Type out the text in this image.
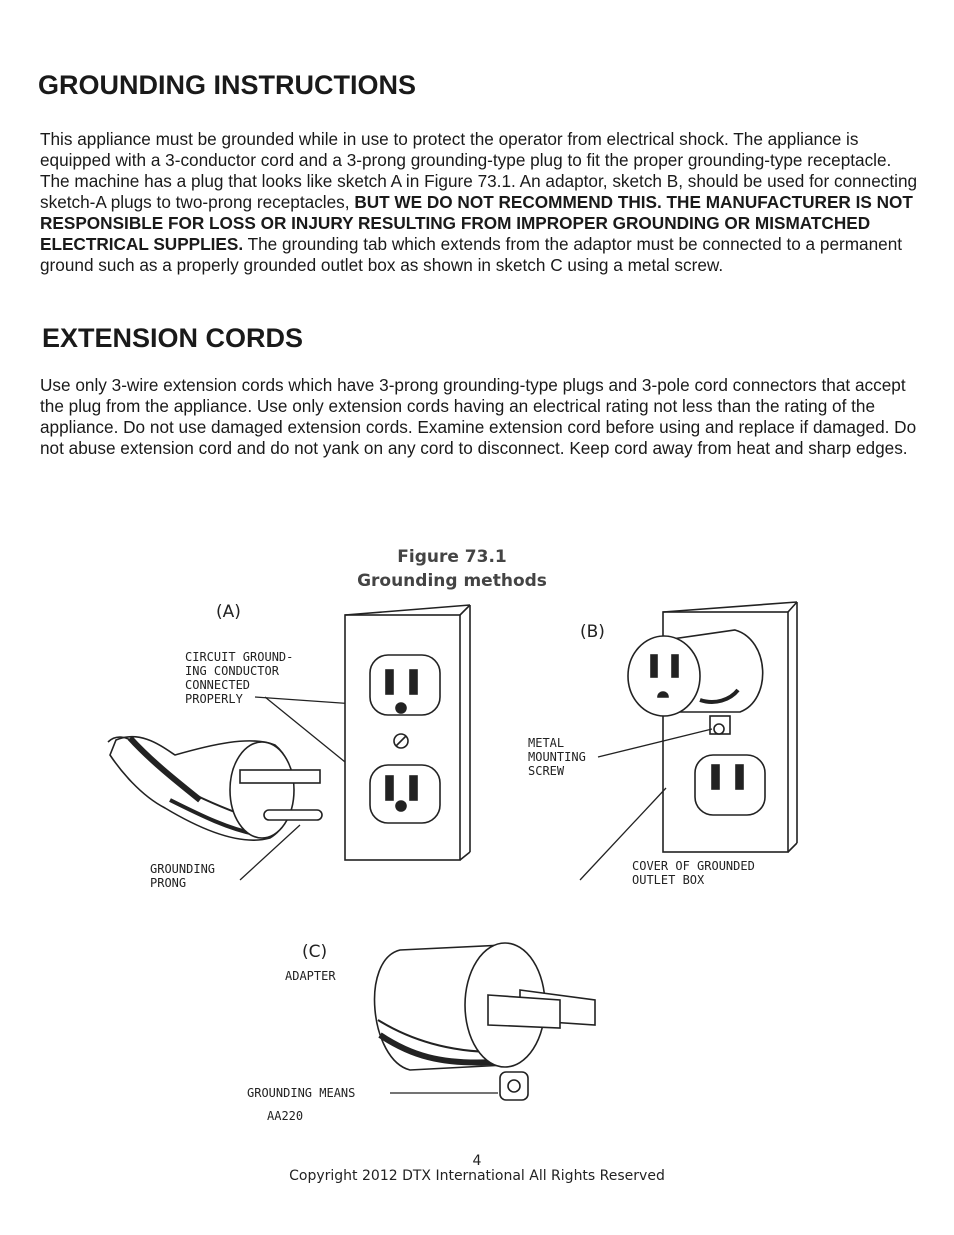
GROUNDING INSTRUCTIONS
This appliance must be grounded while in use to protect the operator from electrical shock. The appliance is equipped with a 3-conductor cord and a 3-prong grounding-type plug to fit the proper grounding-type receptacle. The machine has a plug that looks like sketch A in Figure 73.1. An adaptor, sketch B, should be used for connecting sketch-A plugs to two-prong receptacles, BUT WE DO NOT RECOMMEND THIS. THE MANUFACTURER IS NOT RESPONSIBLE FOR LOSS OR INJURY RESULTING FROM IMPROPER GROUNDING OR MISMATCHED ELECTRICAL SUPPLIES. The grounding tab which extends from the adaptor must be connected to a permanent ground such as a properly grounded outlet box as shown in sketch C using a metal screw.
EXTENSION CORDS
Use only 3-wire extension cords which have 3-prong grounding-type plugs and 3-pole cord connectors that accept the plug from the appliance. Use only extension cords having an electrical rating not less than the rating of the appliance. Do not use damaged extension cords. Examine extension cord before using and replace if damaged. Do not abuse extension cord and do not yank on any cord to disconnect. Keep cord away from heat and sharp edges.
Figure 73.1
Grounding methods
(A)
CIRCUIT GROUND-
ING CONDUCTOR
CONNECTED
PROPERLY
GROUNDING
PRONG
(B)
METAL
MOUNTING
SCREW
COVER OF GROUNDED
OUTLET BOX
(C)
ADAPTER
GROUNDING MEANS
AA220
4
Copyright 2012 DTX International All Rights Reserved
